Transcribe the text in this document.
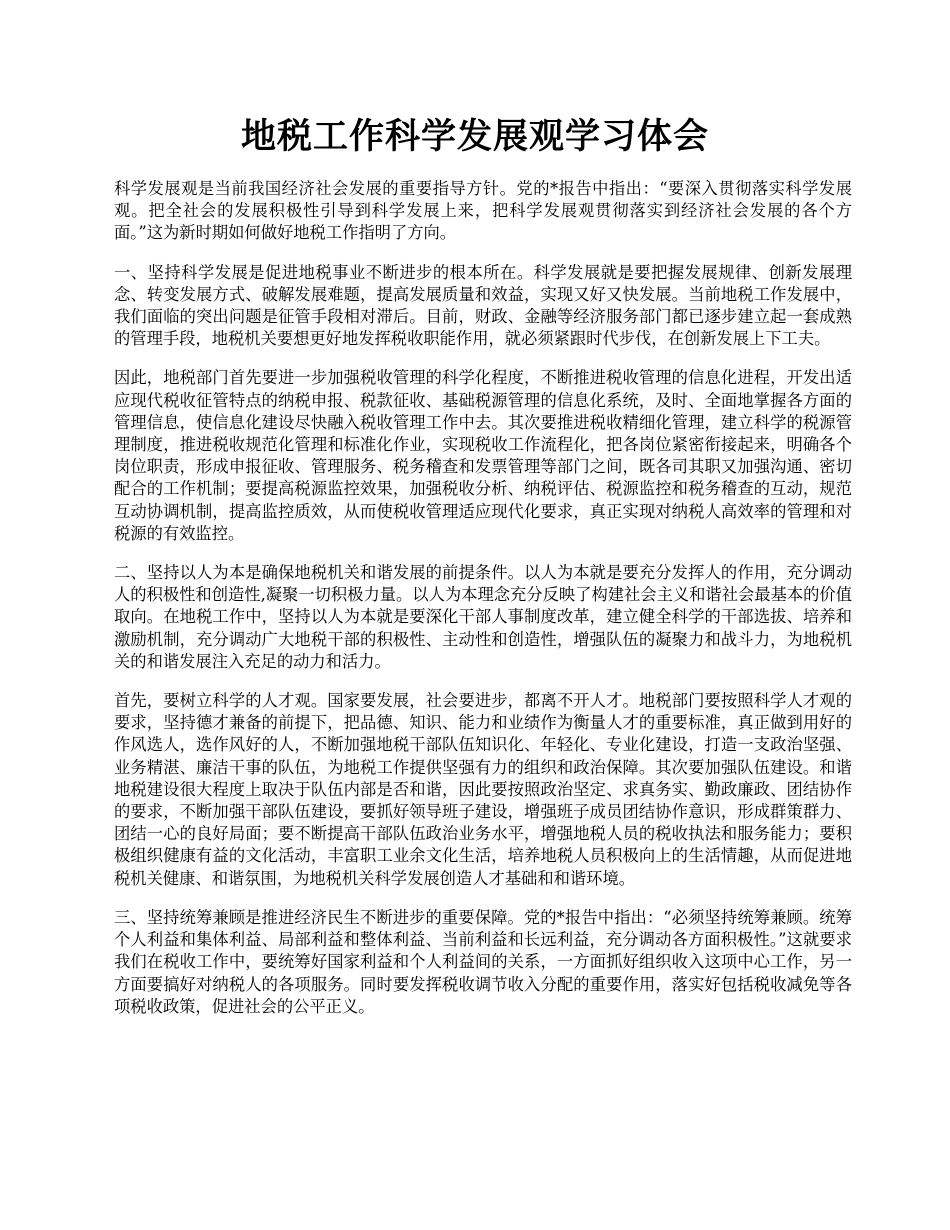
地税工作科学发展观学习体会

科学发展观是当前我国经济社会发展的重要指导方针。党的*报告中指出：“要深入贯彻落实科学发展观。把全社会的发展积极性引导到科学发展上来，把科学发展观贯彻落实到经济社会发展的各个方面。”这为新时期如何做好地税工作指明了方向。

一、坚持科学发展是促进地税事业不断进步的根本所在。科学发展就是要把握发展规律、创新发展理念、转变发展方式、破解发展难题，提高发展质量和效益，实现又好又快发展。当前地税工作发展中，我们面临的突出问题是征管手段相对滞后。目前，财政、金融等经济服务部门都已逐步建立起一套成熟的管理手段，地税机关要想更好地发挥税收职能作用，就必须紧跟时代步伐，在创新发展上下工夫。

因此，地税部门首先要进一步加强税收管理的科学化程度，不断推进税收管理的信息化进程，开发出适应现代税收征管特点的纳税申报、税款征收、基础税源管理的信息化系统，及时、全面地掌握各方面的管理信息，使信息化建设尽快融入税收管理工作中去。其次要推进税收精细化管理，建立科学的税源管理制度，推进税收规范化管理和标准化作业，实现税收工作流程化，把各岗位紧密衔接起来，明确各个岗位职责，形成申报征收、管理服务、税务稽查和发票管理等部门之间，既各司其职又加强沟通、密切配合的工作机制；要提高税源监控效果，加强税收分析、纳税评估、税源监控和税务稽查的互动，规范互动协调机制，提高监控质效，从而使税收管理适应现代化要求，真正实现对纳税人高效率的管理和对税源的有效监控。

二、坚持以人为本是确保地税机关和谐发展的前提条件。以人为本就是要充分发挥人的作用，充分调动人的积极性和创造性,凝聚一切积极力量。以人为本理念充分反映了构建社会主义和谐社会最基本的价值取向。在地税工作中，坚持以人为本就是要深化干部人事制度改革，建立健全科学的干部选拔、培养和激励机制，充分调动广大地税干部的积极性、主动性和创造性，增强队伍的凝聚力和战斗力，为地税机关的和谐发展注入充足的动力和活力。

首先，要树立科学的人才观。国家要发展，社会要进步，都离不开人才。地税部门要按照科学人才观的要求，坚持德才兼备的前提下，把品德、知识、能力和业绩作为衡量人才的重要标准，真正做到用好的作风选人，选作风好的人，不断加强地税干部队伍知识化、年轻化、专业化建设，打造一支政治坚强、业务精湛、廉洁干事的队伍，为地税工作提供坚强有力的组织和政治保障。其次要加强队伍建设。和谐地税建设很大程度上取决于队伍内部是否和谐，因此要按照政治坚定、求真务实、勤政廉政、团结协作的要求，不断加强干部队伍建设，要抓好领导班子建设，增强班子成员团结协作意识，形成群策群力、团结一心的良好局面；要不断提高干部队伍政治业务水平，增强地税人员的税收执法和服务能力；要积极组织健康有益的文化活动，丰富职工业余文化生活，培养地税人员积极向上的生活情趣，从而促进地税机关健康、和谐氛围，为地税机关科学发展创造人才基础和和谐环境。

三、坚持统筹兼顾是推进经济民生不断进步的重要保障。党的*报告中指出：“必须坚持统筹兼顾。统筹个人利益和集体利益、局部利益和整体利益、当前利益和长远利益，充分调动各方面积极性。”这就要求我们在税收工作中，要统筹好国家利益和个人利益间的关系，一方面抓好组织收入这项中心工作，另一方面要搞好对纳税人的各项服务。同时要发挥税收调节收入分配的重要作用，落实好包括税收减免等各项税收政策，促进社会的公平正义。
